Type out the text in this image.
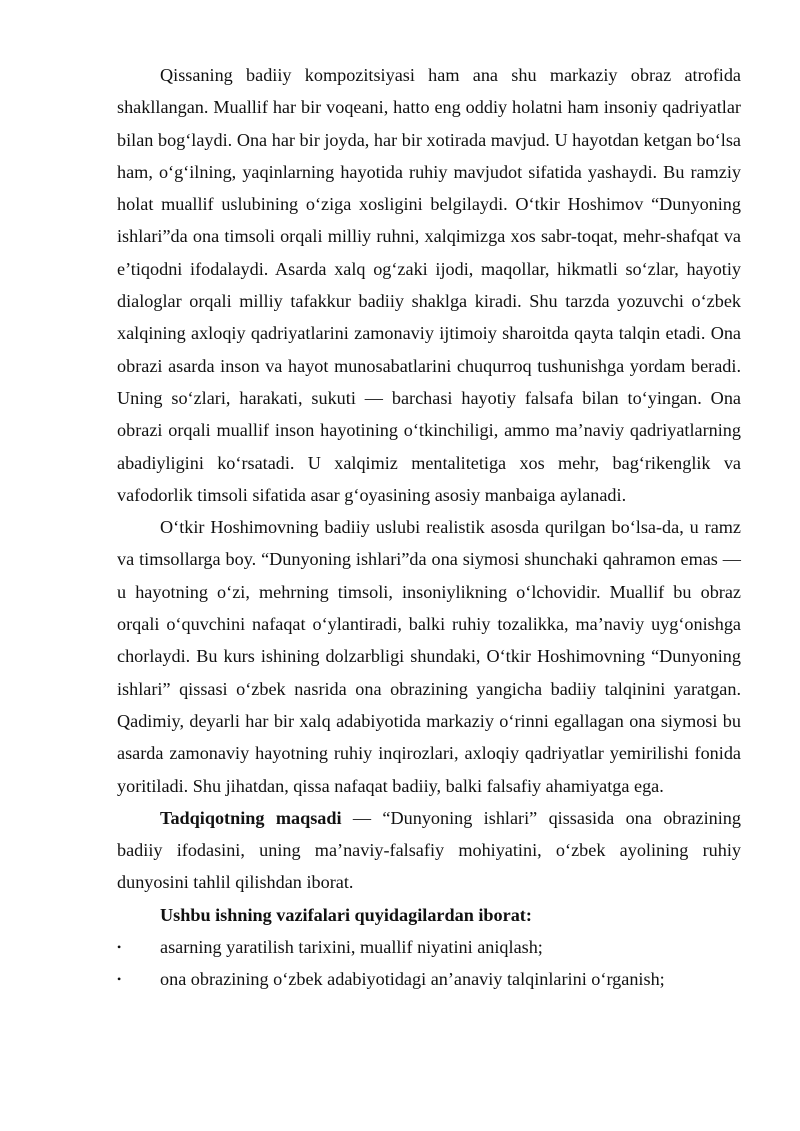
Qissaning badiiy kompozitsiyasi ham ana shu markaziy obraz atrofida shakllangan. Muallif har bir voqeani, hatto eng oddiy holatni ham insoniy qadriyatlar bilan bog‘laydi. Ona har bir joyda, har bir xotirada mavjud. U hayotdan ketgan bo‘lsa ham, o‘g‘ilning, yaqinlarning hayotida ruhiy mavjudot sifatida yashaydi. Bu ramziy holat muallif uslubining o‘ziga xosligini belgilaydi. O‘tkir Hoshimov “Dunyoning ishlari”da ona timsoli orqali milliy ruhni, xalqimizga xos sabr-toqat, mehr-shafqat va e’tiqodni ifodalaydi. Asarda xalq og‘zaki ijodi, maqollar, hikmatli so‘zlar, hayotiy dialoglar orqali milliy tafakkur badiiy shaklga kiradi. Shu tarzda yozuvchi o‘zbek xalqining axloqiy qadriyatlarini zamonaviy ijtimoiy sharoitda qayta talqin etadi. Ona obrazi asarda inson va hayot munosabatlarini chuqurroq tushunishga yordam beradi. Uning so‘zlari, harakati, sukuti — barchasi hayotiy falsafa bilan to‘yingan. Ona obrazi orqali muallif inson hayotining o‘tkinchiligi, ammo ma’naviy qadriyatlarning abadiyligini ko‘rsatadi. U xalqimiz mentalitetiga xos mehr, bag‘rikenglik va vafodorlik timsoli sifatida asar g‘oyasining asosiy manbaiga aylanadi.

O‘tkir Hoshimovning badiiy uslubi realistik asosda qurilgan bo‘lsa-da, u ramz va timsollarga boy. “Dunyoning ishlari”da ona siymosi shunchaki qahramon emas — u hayotning o‘zi, mehrning timsoli, insoniylikning o‘lchovidir. Muallif bu obraz orqali o‘quvchini nafaqat o‘ylantiradi, balki ruhiy tozalikka, ma’naviy uyg‘onishga chorlaydi. Bu kurs ishining dolzarbligi shundaki, O‘tkir Hoshimovning “Dunyoning ishlari” qissasi o‘zbek nasrida ona obrazining yangicha badiiy talqinini yaratgan. Qadimiy, deyarli har bir xalq adabiyotida markaziy o‘rinni egallagan ona siymosi bu asarda zamonaviy hayotning ruhiy inqirozlari, axloqiy qadriyatlar yemirilishi fonida yoritiladi. Shu jihatdan, qissa nafaqat badiiy, balki falsafiy ahamiyatga ega.

Tadqiqotning maqsadi — “Dunyoning ishlari” qissasida ona obrazining badiiy ifodasini, uning ma’naviy-falsafiy mohiyatini, o‘zbek ayolining ruhiy dunyosini tahlil qilishdan iborat.

Ushbu ishning vazifalari quyidagilardan iborat:

• asarning yaratilish tarixini, muallif niyatini aniqlash;
• ona obrazining o‘zbek adabiyotidagi an’anaviy talqinlarini o‘rganish;
